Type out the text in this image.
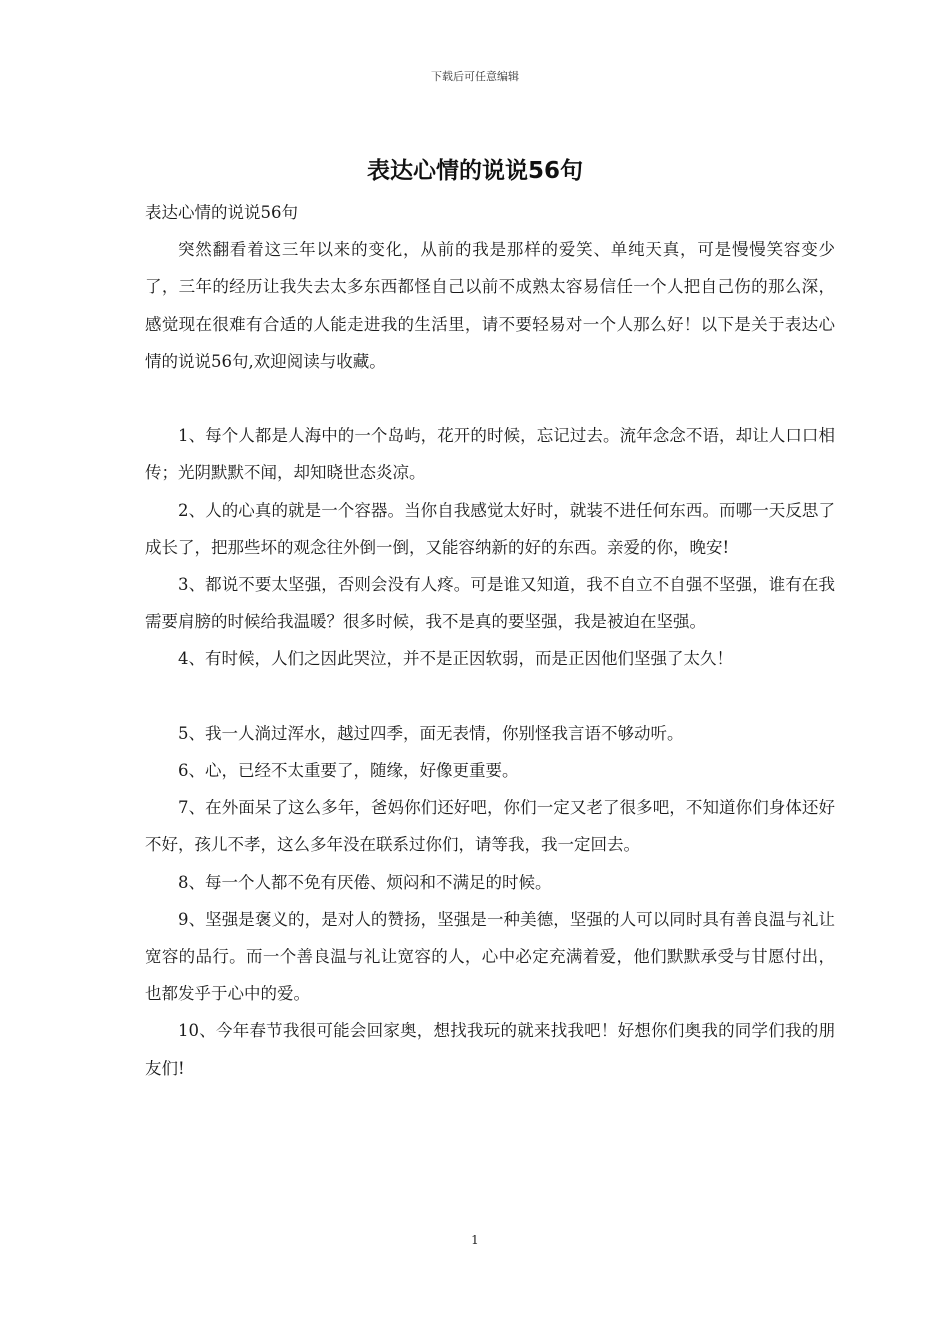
下载后可任意编辑
表达心情的说说56句

表达心情的说说56句

突然翻看着这三年以来的变化，从前的我是那样的爱笑、单纯天真，可是慢慢笑容变少了，三年的经历让我失去太多东西都怪自己以前不成熟太容易信任一个人把自己伤的那么深，感觉现在很难有合适的人能走进我的生活里，请不要轻易对一个人那么好！以下是关于表达心情的说说56句,欢迎阅读与收藏。

1、每个人都是人海中的一个岛屿，花开的时候，忘记过去。流年念念不语，却让人口口相传；光阴默默不闻，却知晓世态炎凉。

2、人的心真的就是一个容器。当你自我感觉太好时，就装不进任何东西。而哪一天反思了成长了，把那些坏的观念往外倒一倒，又能容纳新的好的东西。亲爱的你，晚安!

3、都说不要太坚强，否则会没有人疼。可是谁又知道，我不自立不自强不坚强，谁有在我需要肩膀的时候给我温暖？很多时候，我不是真的要坚强，我是被迫在坚强。

4、有时候，人们之因此哭泣，并不是正因软弱，而是正因他们坚强了太久！

5、我一人淌过浑水，越过四季，面无表情，你别怪我言语不够动听。

6、心，已经不太重要了，随缘，好像更重要。

7、在外面呆了这么多年，爸妈你们还好吧，你们一定又老了很多吧，不知道你们身体还好不好，孩儿不孝，这么多年没在联系过你们，请等我，我一定回去。

8、每一个人都不免有厌倦、烦闷和不满足的时候。

9、坚强是褒义的，是对人的赞扬，坚强是一种美德，坚强的人可以同时具有善良温与礼让宽容的品行。而一个善良温与礼让宽容的人，心中必定充满着爱，他们默默承受与甘愿付出，也都发乎于心中的爱。

10、今年春节我很可能会回家奥，想找我玩的就来找我吧！好想你们奥我的同学们我的朋友们!

1
